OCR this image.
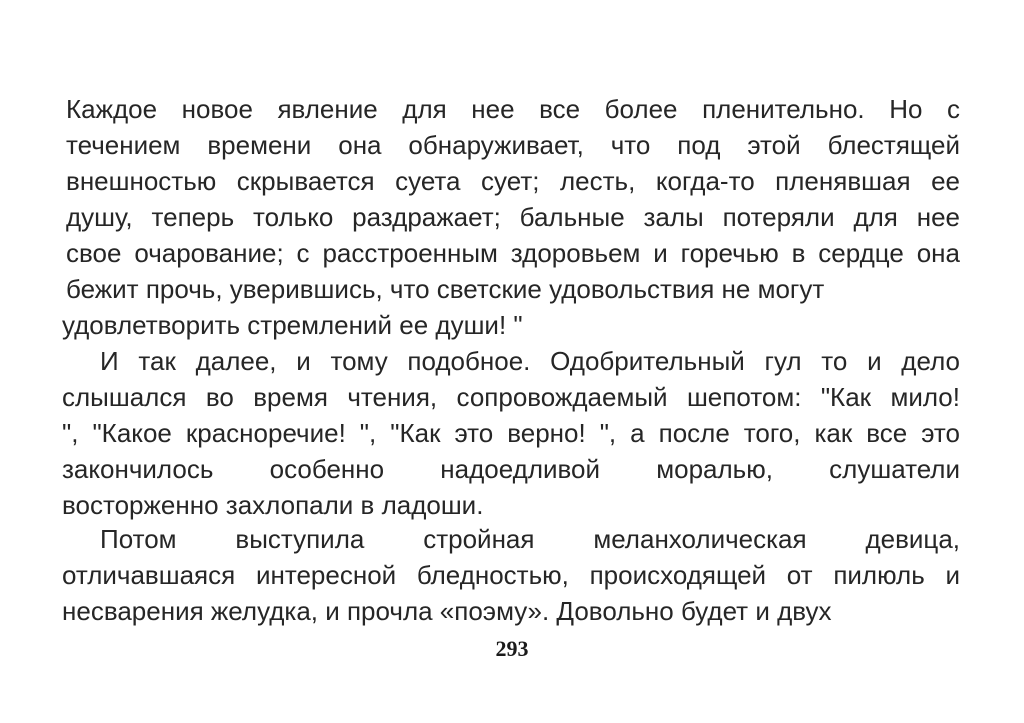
Каждое новое явление для нее все более пленительно. Но с
течением времени она обнаруживает, что под этой блестящей
внешностью скрывается суета сует; лесть, когда-то пленявшая ее
душу, теперь только раздражает; бальные залы потеряли для нее
свое очарование; с расстроенным здоровьем и горечью в сердце она
бежит прочь, уверившись, что светские удовольствия не могут
удовлетворить стремлений ее души! "
И так далее, и тому подобное. Одобрительный гул то и дело
слышался во время чтения, сопровождаемый шепотом: "Как мило!
", "Какое красноречие! ", "Как это верно! ", а после того, как все это
закончилось особенно надоедливой моралью, слушатели
восторженно захлопали в ладоши.
Потом выступила стройная меланхолическая девица,
отличавшаяся интересной бледностью, происходящей от пилюль и
несварения желудка, и прочла «поэму». Довольно будет и двух
293
